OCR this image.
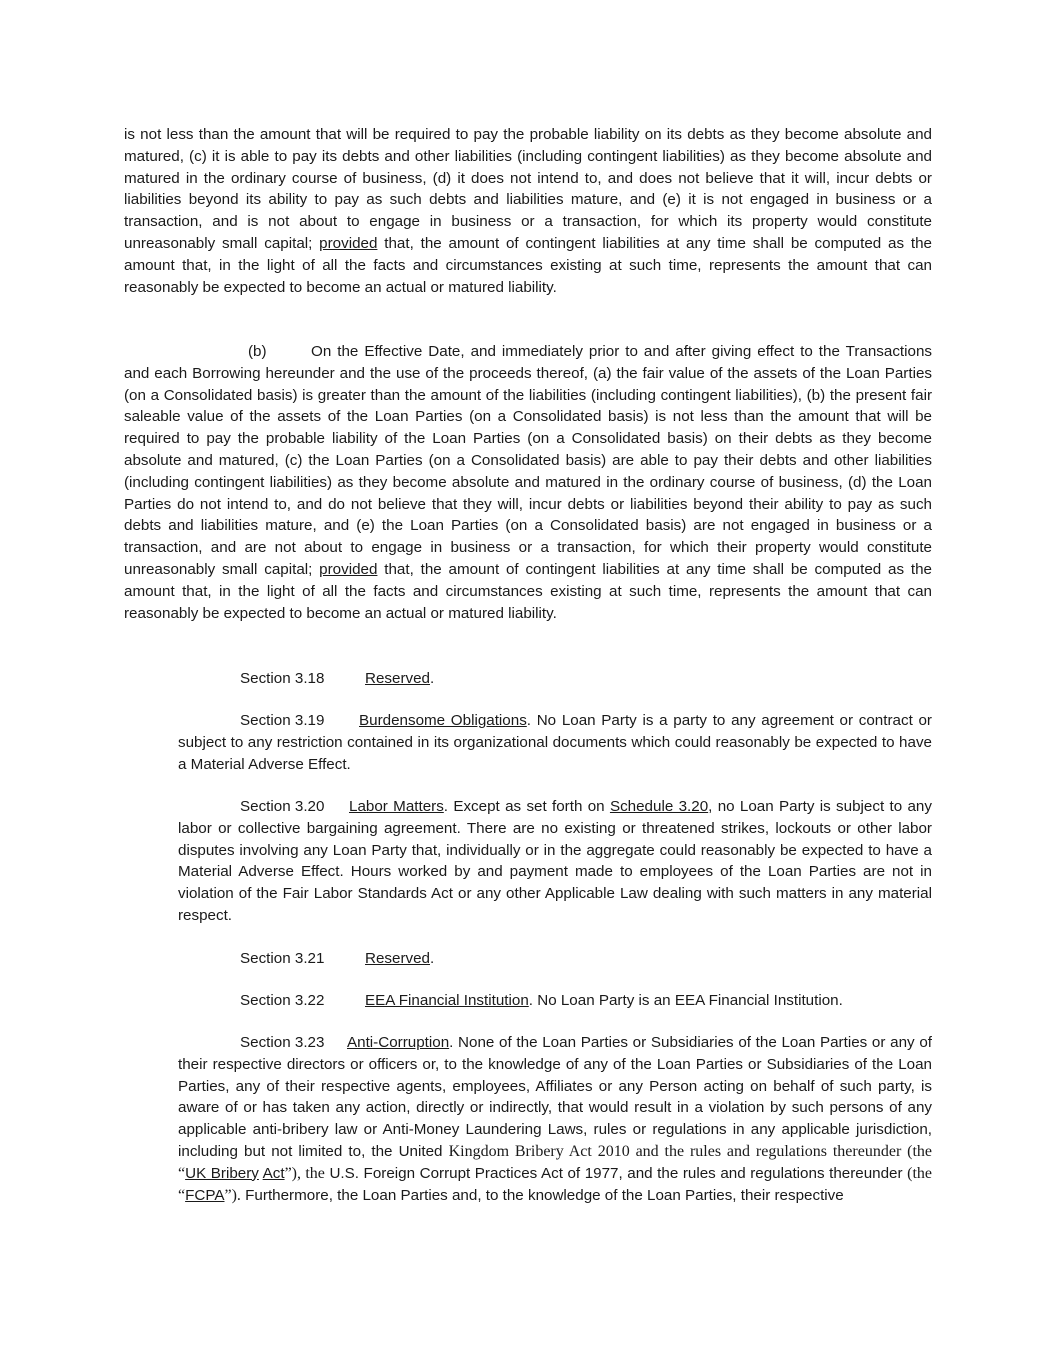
is not less than the amount that will be required to pay the probable liability on its debts as they become absolute and matured, (c) it is able to pay its debts and other liabilities (including contingent liabilities) as they become absolute and matured in the ordinary course of business, (d) it does not intend to, and does not believe that it will, incur debts or liabilities beyond its ability to pay as such debts and liabilities mature, and (e) it is not engaged in business or a transaction, and is not about to engage in business or a transaction, for which its property would constitute unreasonably small capital; provided that, the amount of contingent liabilities at any time shall be computed as the amount that, in the light of all the facts and circumstances existing at such time, represents the amount that can reasonably be expected to become an actual or matured liability.

(b)	On the Effective Date, and immediately prior to and after giving effect to the Transactions and each Borrowing hereunder and the use of the proceeds thereof, (a) the fair value of the assets of the Loan Parties (on a Consolidated basis) is greater than the amount of the liabilities (including contingent liabilities), (b) the present fair saleable value of the assets of the Loan Parties (on a Consolidated basis) is not less than the amount that will be required to pay the probable liability of the Loan Parties (on a Consolidated basis) on their debts as they become absolute and matured, (c) the Loan Parties (on a Consolidated basis) are able to pay their debts and other liabilities (including contingent liabilities) as they become absolute and matured in the ordinary course of business, (d) the Loan Parties do not intend to, and do not believe that they will, incur debts or liabilities beyond their ability to pay as such debts and liabilities mature, and (e) the Loan Parties (on a Consolidated basis) are not engaged in business or a transaction, and are not about to engage in business or a transaction, for which their property would constitute unreasonably small capital; provided that, the amount of contingent liabilities at any time shall be computed as the amount that, in the light of all the facts and circumstances existing at such time, represents the amount that can reasonably be expected to become an actual or matured liability.

Section 3.18	Reserved.

Section 3.19 Burdensome Obligations. No Loan Party is a party to any agreement or contract or subject to any restriction contained in its organizational documents which could reasonably be expected to have a Material Adverse Effect.

Section 3.20 Labor Matters. Except as set forth on Schedule 3.20, no Loan Party is subject to any labor or collective bargaining agreement. There are no existing or threatened strikes, lockouts or other labor disputes involving any Loan Party that, individually or in the aggregate could reasonably be expected to have a Material Adverse Effect. Hours worked by and payment made to employees of the Loan Parties are not in violation of the Fair Labor Standards Act or any other Applicable Law dealing with such matters in any material respect.

Section 3.21	Reserved.
Section 3.22	EEA Financial Institution. No Loan Party is an EEA Financial Institution.

Section 3.23 Anti-Corruption. None of the Loan Parties or Subsidiaries of the Loan Parties or any of their respective directors or officers or, to the knowledge of any of the Loan Parties or Subsidiaries of the Loan Parties, any of their respective agents, employees, Affiliates or any Person acting on behalf of such party, is aware of or has taken any action, directly or indirectly, that would result in a violation by such persons of any applicable anti-bribery law or Anti-Money Laundering Laws, rules or regulations in any applicable jurisdiction, including but not limited to, the United Kingdom Bribery Act 2010 and the rules and regulations thereunder (the “UK Bribery Act”), the U.S. Foreign Corrupt Practices Act of 1977, and the rules and regulations thereunder (the “FCPA”). Furthermore, the Loan Parties and, to the knowledge of the Loan Parties, their respective
